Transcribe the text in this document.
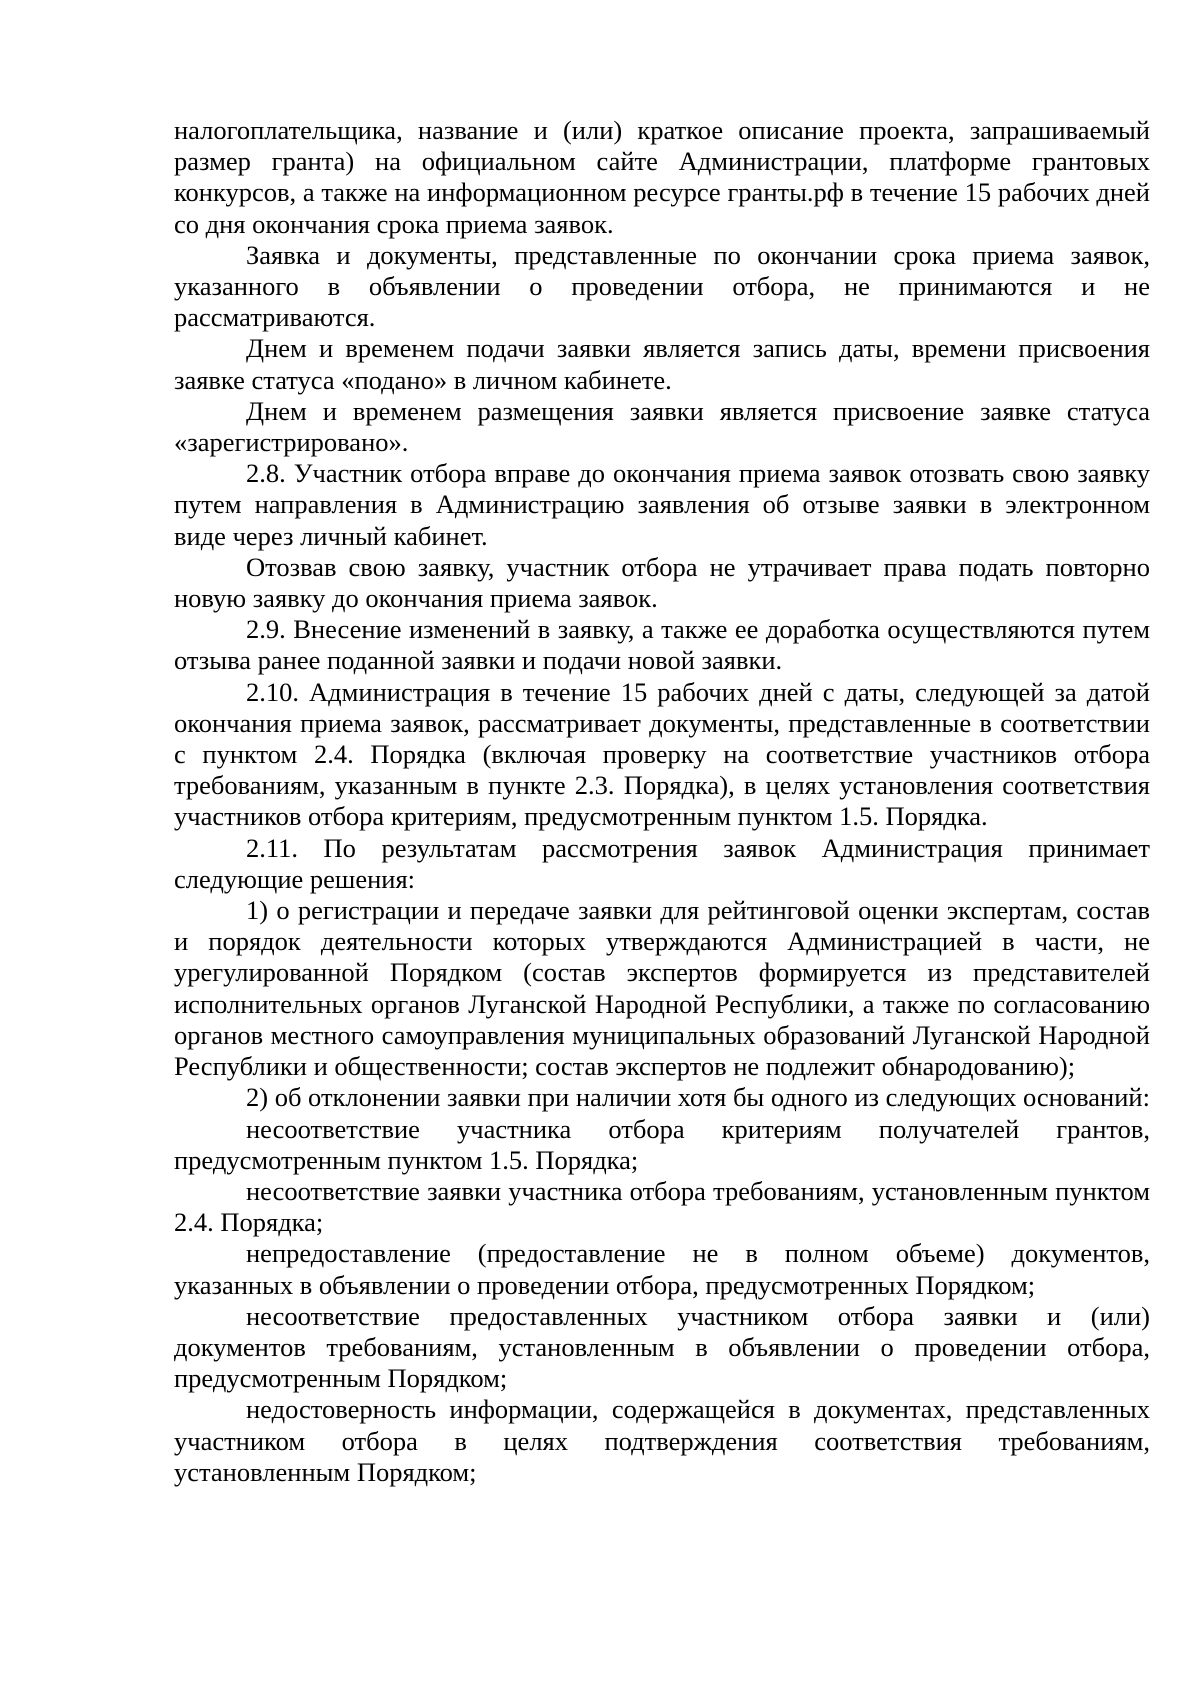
налогоплательщика, название и (или) краткое описание проекта, запрашиваемый размер гранта) на официальном сайте Администрации, платформе грантовых конкурсов, а также на информационном ресурсе гранты.рф в течение 15 рабочих дней со дня окончания срока приема заявок.

Заявка и документы, представленные по окончании срока приема заявок, указанного в объявлении о проведении отбора, не принимаются и не рассматриваются.

Днем и временем подачи заявки является запись даты, времени присвоения заявке статуса «подано» в личном кабинете.

Днем и временем размещения заявки является присвоение заявке статуса «зарегистрировано».

2.8. Участник отбора вправе до окончания приема заявок отозвать свою заявку путем направления в Администрацию заявления об отзыве заявки в электронном виде через личный кабинет.

Отозвав свою заявку, участник отбора не утрачивает права подать повторно новую заявку до окончания приема заявок.

2.9. Внесение изменений в заявку, а также ее доработка осуществляются путем отзыва ранее поданной заявки и подачи новой заявки.

2.10. Администрация в течение 15 рабочих дней с даты, следующей за датой окончания приема заявок, рассматривает документы, представленные в соответствии с пунктом 2.4. Порядка (включая проверку на соответствие участников отбора требованиям, указанным в пункте 2.3. Порядка), в целях установления соответствия участников отбора критериям, предусмотренным пунктом 1.5. Порядка.

2.11. По результатам рассмотрения заявок Администрация принимает следующие решения:

1) о регистрации и передаче заявки для рейтинговой оценки экспертам, состав и порядок деятельности которых утверждаются Администрацией в части, не урегулированной Порядком (состав экспертов формируется из представителей исполнительных органов Луганской Народной Республики, а также по согласованию органов местного самоуправления муниципальных образований Луганской Народной Республики и общественности; состав экспертов не подлежит обнародованию);

2) об отклонении заявки при наличии хотя бы одного из следующих оснований:

несоответствие участника отбора критериям получателей грантов, предусмотренным пунктом 1.5. Порядка;

несоответствие заявки участника отбора требованиям, установленным пунктом 2.4. Порядка;

непредоставление (предоставление не в полном объеме) документов, указанных в объявлении о проведении отбора, предусмотренных Порядком;

несоответствие предоставленных участником отбора заявки и (или) документов требованиям, установленным в объявлении о проведении отбора, предусмотренным Порядком;

недостоверность информации, содержащейся в документах, представленных участником отбора в целях подтверждения соответствия требованиям, установленным Порядком;
